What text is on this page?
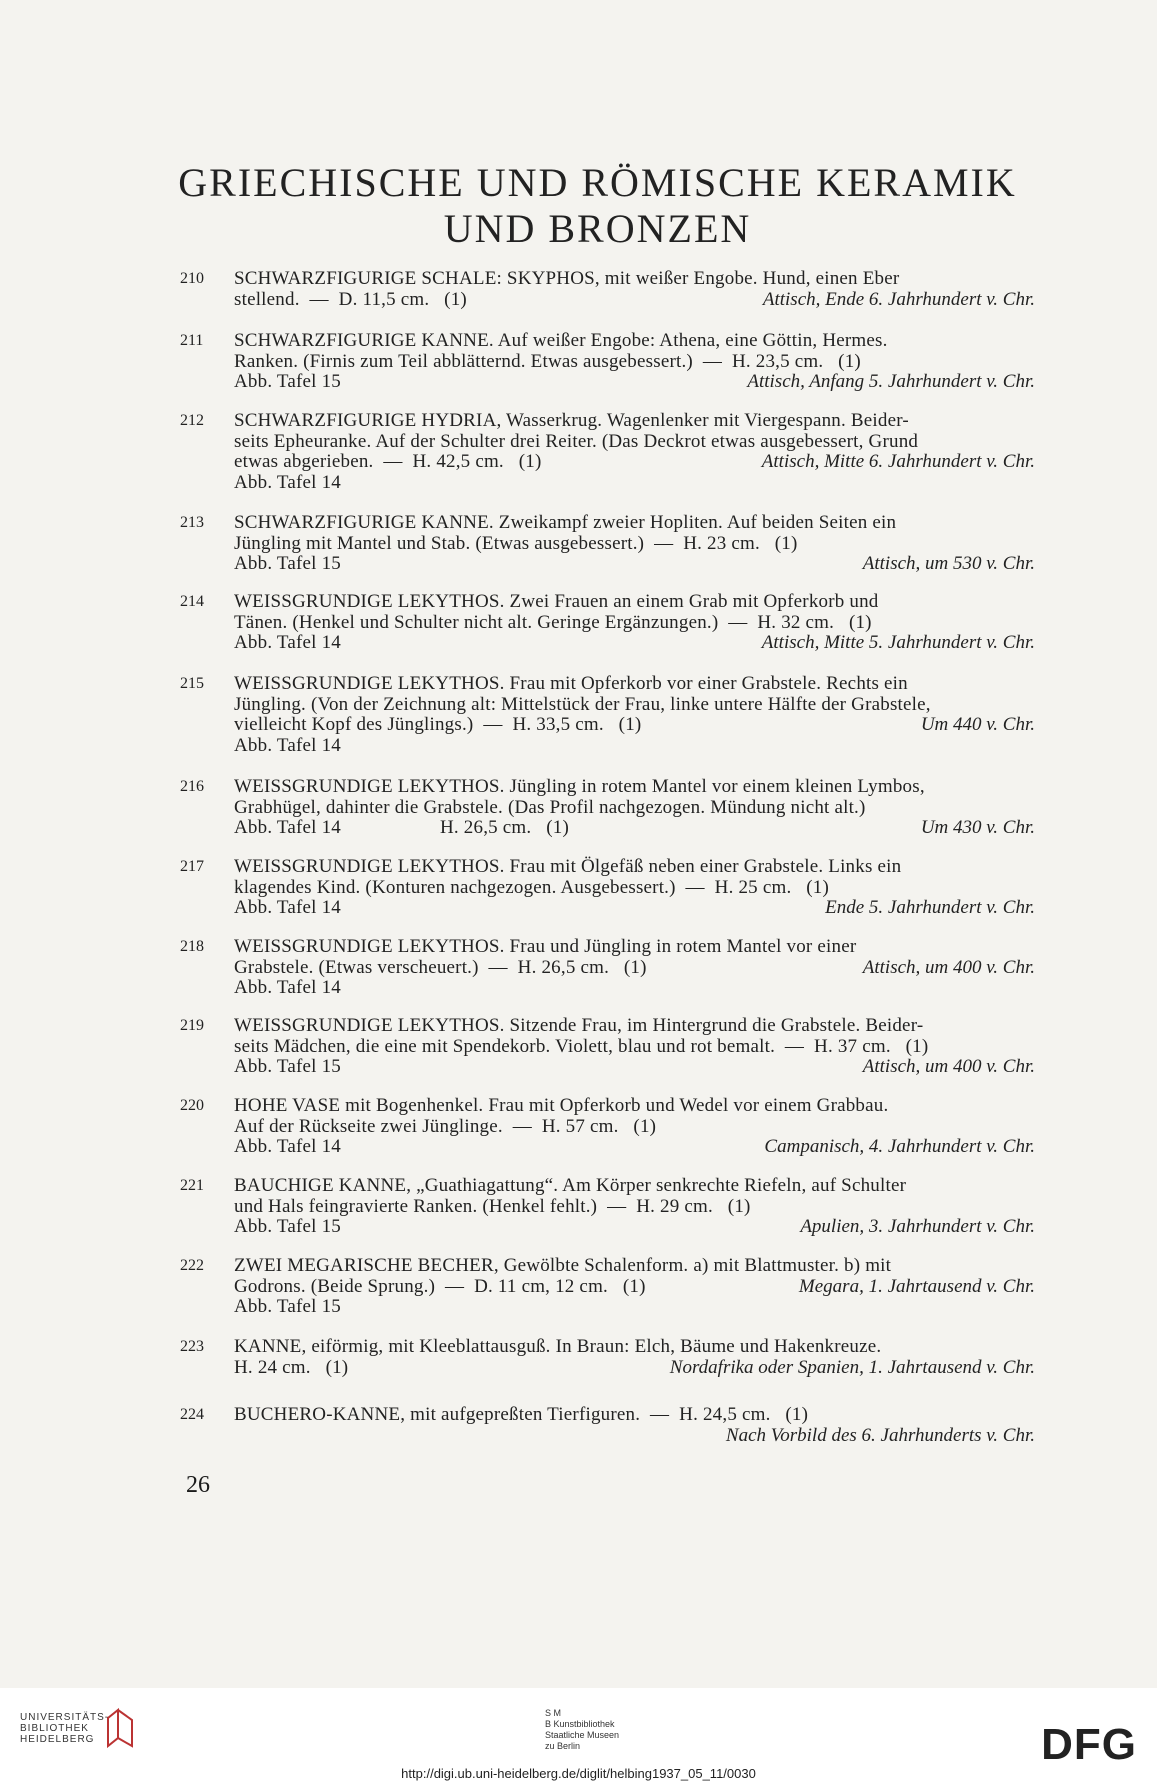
GRIECHISCHE UND RÖMISCHE KERAMIK
UND BRONZEN
210 SCHWARZFIGURIGE SCHALE: SKYPHOS, mit weißer Engobe. Hund, einen Eber
stellend.  —  D. 11,5 cm.   (1)	Attisch, Ende 6. Jahrhundert v. Chr.
211 SCHWARZFIGURIGE KANNE. Auf weißer Engobe: Athena, eine Göttin, Hermes.
Ranken. (Firnis zum Teil abblätternd. Etwas ausgebessert.)  —  H. 23,5 cm.   (1)
Abb. Tafel 15	Attisch, Anfang 5. Jahrhundert v. Chr.
212 SCHWARZFIGURIGE HYDRIA, Wasserkrug. Wagenlenker mit Viergespann. Beider-
seits Epheuranke. Auf der Schulter drei Reiter. (Das Deckrot etwas ausgebessert, Grund
etwas abgerieben.  —  H. 42,5 cm.   (1)	Attisch, Mitte 6. Jahrhundert v. Chr.
Abb. Tafel 14
213 SCHWARZFIGURIGE KANNE. Zweikampf zweier Hopliten. Auf beiden Seiten ein
Jüngling mit Mantel und Stab. (Etwas ausgebessert.)  —  H. 23 cm.   (1)
Abb. Tafel 15	Attisch, um 530 v. Chr.
214 WEISSGRUNDIGE LEKYTHOS. Zwei Frauen an einem Grab mit Opferkorb und
Tänen. (Henkel und Schulter nicht alt. Geringe Ergänzungen.)  —  H. 32 cm.   (1)
Abb. Tafel 14	Attisch, Mitte 5. Jahrhundert v. Chr.
215 WEISSGRUNDIGE LEKYTHOS. Frau mit Opferkorb vor einer Grabstele. Rechts ein
Jüngling. (Von der Zeichnung alt: Mittelstück der Frau, linke untere Hälfte der Grabstele,
vielleicht Kopf des Jünglings.)  —  H. 33,5 cm.   (1)	Um 440 v. Chr.
Abb. Tafel 14
216 WEISSGRUNDIGE LEKYTHOS. Jüngling in rotem Mantel vor einem kleinen Lymbos,
Grabhügel, dahinter die Grabstele. (Das Profil nachgezogen. Mündung nicht alt.)
Abb. Tafel 14                    H. 26,5 cm.   (1)	Um 430 v. Chr.
217 WEISSGRUNDIGE LEKYTHOS. Frau mit Ölgefäß neben einer Grabstele. Links ein
klagendes Kind. (Konturen nachgezogen. Ausgebessert.)  —  H. 25 cm.   (1)
Abb. Tafel 14	Ende 5. Jahrhundert v. Chr.
218 WEISSGRUNDIGE LEKYTHOS. Frau und Jüngling in rotem Mantel vor einer
Grabstele. (Etwas verscheuert.)  —  H. 26,5 cm.   (1)	Attisch, um 400 v. Chr.
Abb. Tafel 14
219 WEISSGRUNDIGE LEKYTHOS. Sitzende Frau, im Hintergrund die Grabstele. Beider-
seits Mädchen, die eine mit Spendekorb. Violett, blau und rot bemalt.  —  H. 37 cm.   (1)
Abb. Tafel 15	Attisch, um 400 v. Chr.
220 HOHE VASE mit Bogenhenkel. Frau mit Opferkorb und Wedel vor einem Grabbau.
Auf der Rückseite zwei Jünglinge.  —  H. 57 cm.   (1)
Abb. Tafel 14	Campanisch, 4. Jahrhundert v. Chr.
221 BAUCHIGE KANNE, „Guathiagattung“. Am Körper senkrechte Riefeln, auf Schulter
und Hals feingravierte Ranken. (Henkel fehlt.)  —  H. 29 cm.   (1)
Abb. Tafel 15	Apulien, 3. Jahrhundert v. Chr.
222 ZWEI MEGARISCHE BECHER, Gewölbte Schalenform. a) mit Blattmuster. b) mit
Godrons. (Beide Sprung.)  —  D. 11 cm, 12 cm.   (1)	Megara, 1. Jahrtausend v. Chr.
Abb. Tafel 15
223 KANNE, eiförmig, mit Kleeblattausguß. In Braun: Elch, Bäume und Hakenkreuze.
H. 24 cm.   (1)	Nordafrika oder Spanien, 1. Jahrtausend v. Chr.
224 BUCHERO-KANNE, mit aufgepreßten Tierfiguren.  —  H. 24,5 cm.   (1)
Nach Vorbild des 6. Jahrhunderts v. Chr.
26
UNIVERSITÄTS-
BIBLIOTHEK
HEIDELBERG
S M
B Kunstbibliothek
Staatliche Museen
zu Berlin	DFG
http://digi.ub.uni-heidelberg.de/diglit/helbing1937_05_11/0030
